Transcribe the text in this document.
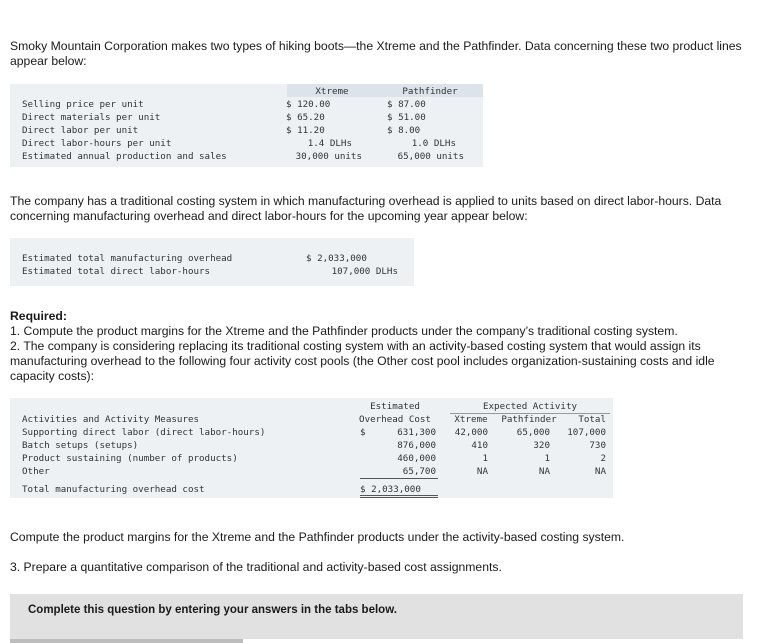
Smoky Mountain Corporation makes two types of hiking boots—the Xtreme and the Pathfinder. Data concerning these two product lines appear below:
Xtreme	Pathfinder
Selling price per unit	$ 120.00	$ 87.00
Direct materials per unit	$ 65.20	$ 51.00
Direct labor per unit	$ 11.20	$ 8.00
Direct labor-hours per unit	1.4 DLHs	1.0 DLHs
Estimated annual production and sales	30,000 units	65,000 units
The company has a traditional costing system in which manufacturing overhead is applied to units based on direct labor-hours. Data concerning manufacturing overhead and direct labor-hours for the upcoming year appear below:
Estimated total manufacturing overhead	$ 2,033,000
Estimated total direct labor-hours	107,000 DLHs
Required:
1. Compute the product margins for the Xtreme and the Pathfinder products under the company’s traditional costing system.
2. The company is considering replacing its traditional costing system with an activity-based costing system that would assign its manufacturing overhead to the following four activity cost pools (the Other cost pool includes organization-sustaining costs and idle capacity costs):
Estimated	Expected Activity
Activities and Activity Measures	Overhead Cost	Xtreme	Pathfinder	Total
Supporting direct labor (direct labor-hours)	$	631,300	42,000	65,000	107,000
Batch setups (setups)	876,000	410	320	730
Product sustaining (number of products)	460,000	1	1	2
Other	65,700	NA	NA	NA
Total manufacturing overhead cost	$ 2,033,000
Compute the product margins for the Xtreme and the Pathfinder products under the activity-based costing system.
3. Prepare a quantitative comparison of the traditional and activity-based cost assignments.
Complete this question by entering your answers in the tabs below.
